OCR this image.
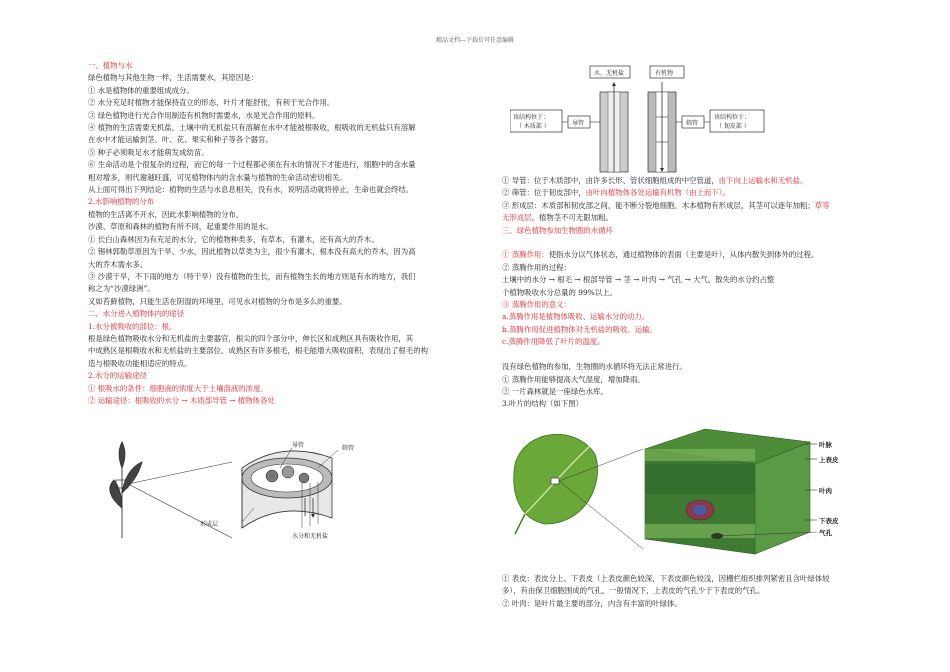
精品文档---下载后可任意编辑

一、植物与水

绿色植物与其他生物一样，生活需要水，其原因是：

① 水是植物体的重要组成成分。

② 水分充足时植物才能保持直立的形态，叶片才能舒张，有利于光合作用。

③ 绿色植物进行光合作用制造有机物时需要水，水是光合作用的原料。

④ 植物的生活需要无机盐，土壤中的无机盐只有溶解在水中才能被根吸收，根吸收的无机盐只有溶解

在水中才能运输到茎、叶、花、果实和种子等各个器官。

⑤ 种子必须吸足水才能萌发成幼苗。

⑥ 生命活动是个很复杂的过程，而它的每一个过程都必须在有水的情况下才能进行，细胞中的含水量

相对增多，则代谢越旺盛，可见植物体内的含水量与植物的生命活动密切相关。

从上面可得出下列结论：植物的生活与水息息相关，没有水，说明活动就将停止，生命也就会终结。

2.水影响植物的分布

植物的生活离不开水，因此水影响植物的分布。

沙漠、草原和森林的植物有所不同，起重要作用的是水。

① 长白山森林因为有充足的水分，它的植物种类多，有草本，有灌木，还有高大的乔木。

② 锡林郭勒草原因为干旱、少水，因此植物以草类为主，很少有灌木，根本没有高大的乔木，因为高

大的乔木需水多。

③ 沙漠干旱，不下雨的地方（特干旱）没有植物的生长，而有植物生长的地方则是有水的地方，我们

称之为“沙漠绿洲”。

又如苔藓植物，只能生活在阴湿的环境里，可见水对植物的分布是多么的重要。

二、水分进入植物体内的途径

1.水分被吸收的部位：根。

根是绿色植物吸收水分和无机盐的主要器官，根尖的四个部分中，伸长区和成熟区具有吸收作用，其

中成熟区是根吸收水和无机盐的主要部位，成熟区有许多根毛，根毛能增大吸收面积，表现出了根毛的构

造与根吸收功能相适应的特点。

2.水分的运输途径

① 根吸水的条件：细胞液的浓度大于土壤溶液的浓度。

② 运输途径：根吸收的水分 → 木质部导管 → 植物体各处

导管	筛管
形成层
水分和无机盐
水、无机盐	有机物
该结构位于：
（ 木质部 ）	导管	筛管
该结构位于：
（ 韧皮部 ）

① 导管：位于木质部中，由许多长形、管状细胞组成的中空管道，由下向上运输水和无机盐。

② 筛管：位于韧皮部中，由叶向植物体各处运输有机物（由上而下）。

③ 形成层：木质部和韧皮部之间，能不断分裂地细胞。木本植物有形成层，其茎可以逐年加粗；草等

无形成层，植物茎不可无限加粗。

三、绿色植物参加生物圈的水循环

① 蒸腾作用：使指水分以气体状态，通过植物体的表面（主要是叶），从体内散失到体外的过程。

② 蒸腾作用的过程：

土壤中的水分 → 根毛 → 根部导管 → 茎 → 叶肉 → 气孔 → 大气。散失的水分约占整

个植物吸收水分总量的 99%以上。

③ 蒸腾作用的意义：

a.蒸腾作用是植物体吸收、运输水分的动力。

b.蒸腾作用促进植物体对无机盐的吸收、运输。

c.蒸腾作用降低了叶片的温度。

没有绿色植物的参加，生物圈的水循环将无法正常进行。

① 蒸腾作用能够提高大气湿度，增加降雨。

② 一片森林就是一座绿色水库。

3.叶片的结构（如下图）

叶脉
上表皮
叶肉
下表皮
气孔

① 表皮：表皮分上、下表皮（上表皮颜色较深，下表皮颜色较浅，因栅栏组织排列紧密且含叶绿体较

多），有由保卫细胞围成的气孔，一般情况下，上表皮的气孔少于下表皮的气孔。

② 叶肉：是叶片最主要的部分，内含有丰富的叶绿体。
